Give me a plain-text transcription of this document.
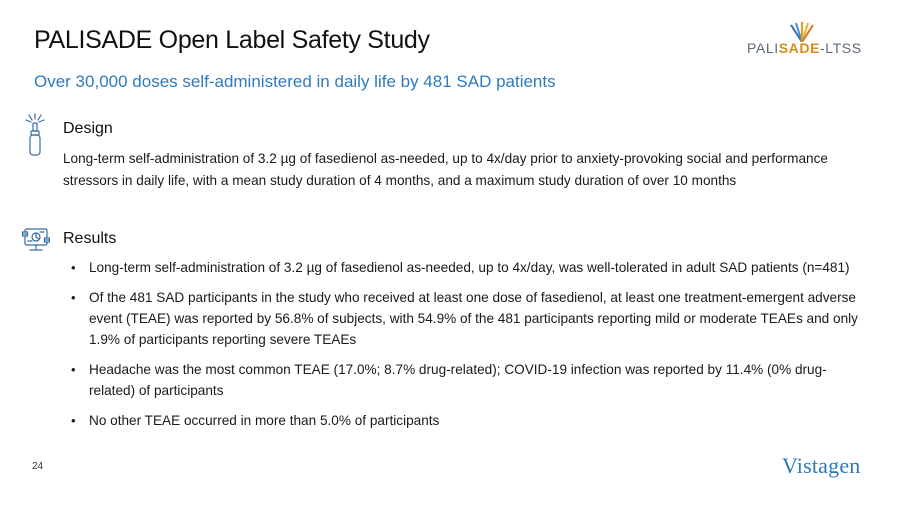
PALISADE Open Label Safety Study	PALISADE-LTSS
Over 30,000 doses self-administered in daily life by 481 SAD patients
Design
Long-term self-administration of 3.2 µg of fasedienol as-needed, up to 4x/day prior to anxiety-provoking social and performance stressors in daily life, with a mean study duration of 4 months, and a maximum study duration of over 10 months
Results
• Long-term self-administration of 3.2 µg of fasedienol as-needed, up to 4x/day, was well-tolerated in adult SAD patients (n=481)
• Of the 481 SAD participants in the study who received at least one dose of fasedienol, at least one treatment-emergent adverse event (TEAE) was reported by 56.8% of subjects, with 54.9% of the 481 participants reporting mild or moderate TEAEs and only 1.9% of participants reporting severe TEAEs
• Headache was the most common TEAE (17.0%; 8.7% drug-related); COVID-19 infection was reported by 11.4% (0% drug-related) of participants
• No other TEAE occurred in more than 5.0% of participants
24	Vistagen
